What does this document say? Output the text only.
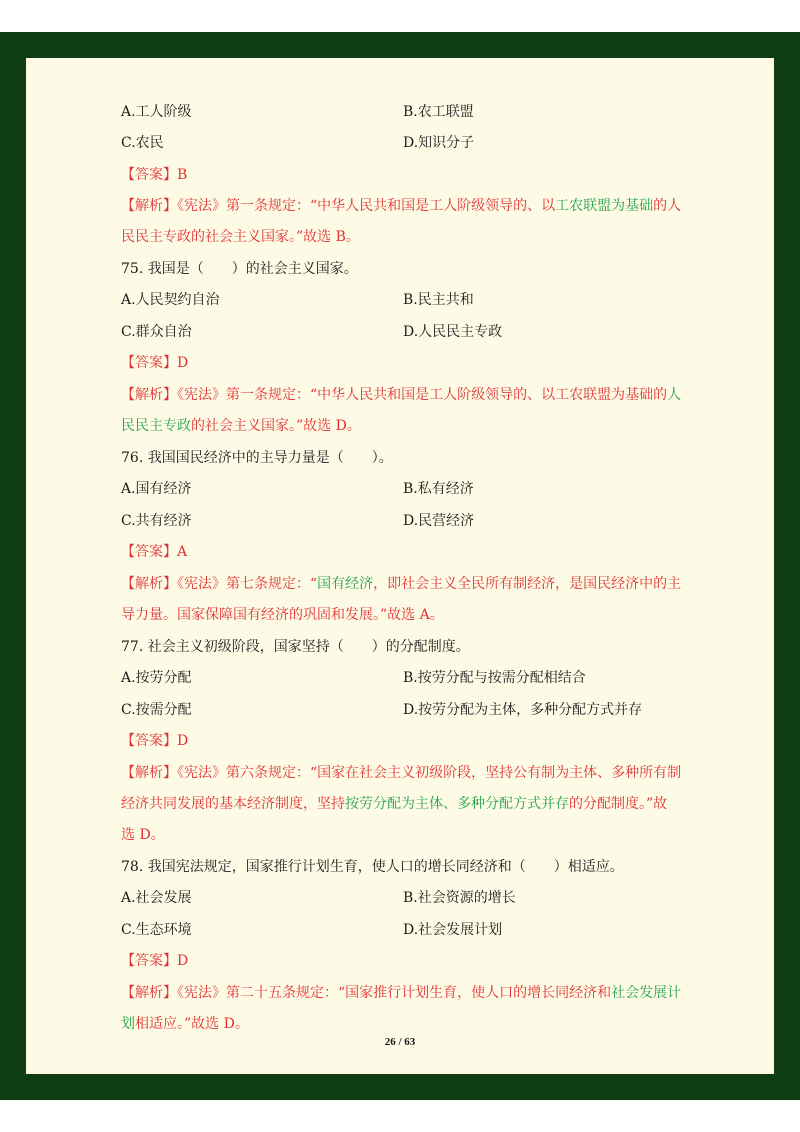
A.工人阶级	B.农工联盟
C.农民	D.知识分子
【答案】B
【解析】《宪法》第一条规定：“中华人民共和国是工人阶级领导的、以工农联盟为基础的人
民民主专政的社会主义国家。”故选 B。
75. 我国是（　　）的社会主义国家。
A.人民契约自治	B.民主共和
C.群众自治	D.人民民主专政
【答案】D
【解析】《宪法》第一条规定：“中华人民共和国是工人阶级领导的、以工农联盟为基础的人
民民主专政的社会主义国家。”故选 D。
76. 我国国民经济中的主导力量是（　　）。
A.国有经济	B.私有经济
C.共有经济	D.民营经济
【答案】A
【解析】《宪法》第七条规定：“国有经济，即社会主义全民所有制经济，是国民经济中的主
导力量。国家保障国有经济的巩固和发展。”故选 A。
77. 社会主义初级阶段，国家坚持（　　）的分配制度。
A.按劳分配	B.按劳分配与按需分配相结合
C.按需分配	D.按劳分配为主体，多种分配方式并存
【答案】D
【解析】《宪法》第六条规定：“国家在社会主义初级阶段，坚持公有制为主体、多种所有制
经济共同发展的基本经济制度，坚持按劳分配为主体、多种分配方式并存的分配制度。”故
选 D。
78. 我国宪法规定，国家推行计划生育，使人口的增长同经济和（　　）相适应。
A.社会发展	B.社会资源的增长
C.生态环境	D.社会发展计划
【答案】D
【解析】《宪法》第二十五条规定：“国家推行计划生育，使人口的增长同经济和社会发展计
划相适应。”故选 D。
26 / 63
